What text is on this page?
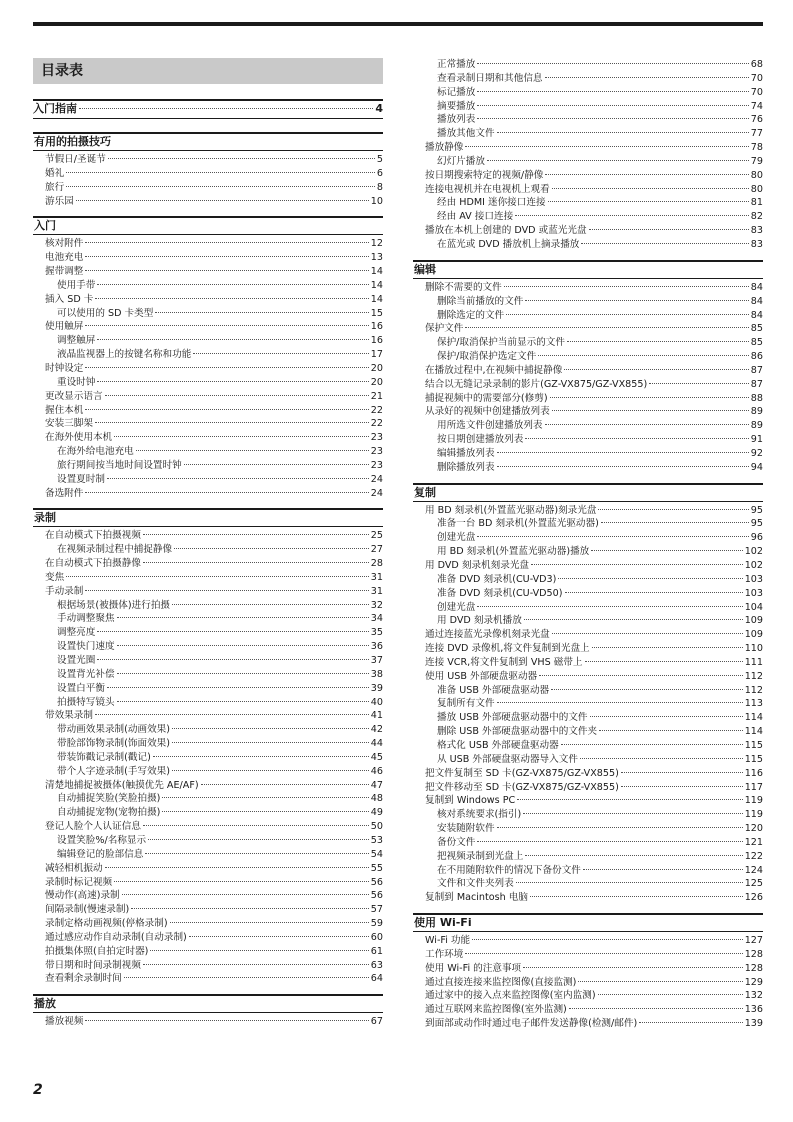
目录表
入门指南	4
有用的拍摄技巧
节假日/圣诞节	5
婚礼	6
旅行	8
游乐园	10
入门
核对附件	12
电池充电	13
握带调整	14
使用手带	14
插入 SD 卡	14
可以使用的 SD 卡类型	15
使用触屏	16
调整触屏	16
液晶监视器上的按键名称和功能	17
时钟设定	20
重设时钟	20
更改显示语言	21
握住本机	22
安装三脚架	22
在海外使用本机	23
在海外给电池充电	23
旅行期间按当地时间设置时钟	23
设置夏时制	24
备选附件	24
录制
在自动模式下拍摄视频	25
在视频录制过程中捕捉静像	27
在自动模式下拍摄静像	28
变焦	31
手动录制	31
根据场景(被摄体)进行拍摄	32
手动调整聚焦	34
调整亮度	35
设置快门速度	36
设置光圈	37
设置背光补偿	38
设置白平衡	39
拍摄特写镜头	40
带效果录制	41
带动画效果录制(动画效果)	42
带脸部饰物录制(饰面效果)	44
带装饰戳记录制(戳记)	45
带个人字迹录制(手写效果)	46
清楚地捕捉被摄体(触摸优先 AE/AF)	47
自动捕捉笑脸(笑脸拍摄)	48
自动捕捉宠物(宠物拍摄)	49
登记人脸个人认证信息	50
设置笑脸%/名称显示	53
编辑登记的脸部信息	54
减轻相机振动	55
录制时标记视频	56
慢动作(高速)录制	56
间隔录制(慢速录制)	57
录制定格动画视频(停格录制)	59
通过感应动作自动录制(自动录制)	60
拍摄集体照(自拍定时器)	61
带日期和时间录制视频	63
查看剩余录制时间	64
播放
播放视频	67
正常播放	68
查看录制日期和其他信息	70
标记播放	70
摘要播放	74
播放列表	76
播放其他文件	77
播放静像	78
幻灯片播放	79
按日期搜索特定的视频/静像	80
连接电视机并在电视机上观看	80
经由 HDMI 迷你接口连接	81
经由 AV 接口连接	82
播放在本机上创建的 DVD 或蓝光光盘	83
在蓝光或 DVD 播放机上摘录播放	83
编辑
删除不需要的文件	84
删除当前播放的文件	84
删除选定的文件	84
保护文件	85
保护/取消保护当前显示的文件	85
保护/取消保护选定文件	86
在播放过程中,在视频中捕捉静像	87
结合以无缝记录录制的影片(GZ-VX875/GZ-VX855)	87
捕捉视频中的需要部分(修剪)	88
从录好的视频中创建播放列表	89
用所选文件创建播放列表	89
按日期创建播放列表	91
编辑播放列表	92
删除播放列表	94
复制
用 BD 刻录机(外置蓝光驱动器)刻录光盘	95
准备一台 BD 刻录机(外置蓝光驱动器)	95
创建光盘	96
用 BD 刻录机(外置蓝光驱动器)播放	102
用 DVD 刻录机刻录光盘	102
准备 DVD 刻录机(CU-VD3)	103
准备 DVD 刻录机(CU-VD50)	103
创建光盘	104
用 DVD 刻录机播放	109
通过连接蓝光录像机刻录光盘	109
连接 DVD 录像机,将文件复制到光盘上	110
连接 VCR,将文件复制到 VHS 磁带上	111
使用 USB 外部硬盘驱动器	112
准备 USB 外部硬盘驱动器	112
复制所有文件	113
播放 USB 外部硬盘驱动器中的文件	114
删除 USB 外部硬盘驱动器中的文件夹	114
格式化 USB 外部硬盘驱动器	115
从 USB 外部硬盘驱动器导入文件	115
把文件复制至 SD 卡(GZ-VX875/GZ-VX855)	116
把文件移动至 SD 卡(GZ-VX875/GZ-VX855)	117
复制到 Windows PC	119
核对系统要求(指引)	119
安装随附软件	120
备份文件	121
把视频录制到光盘上	122
在不用随附软件的情况下备份文件	124
文件和文件夹列表	125
复制到 Macintosh 电脑	126
使用 Wi-Fi
Wi-Fi 功能	127
工作环境	128
使用 Wi-Fi 的注意事项	128
通过直接连接来监控图像(直接监测)	129
通过家中的接入点来监控图像(室内监测)	132
通过互联网来监控图像(室外监测)	136
到面部或动作时通过电子邮件发送静像(检测/邮件)	139
2
